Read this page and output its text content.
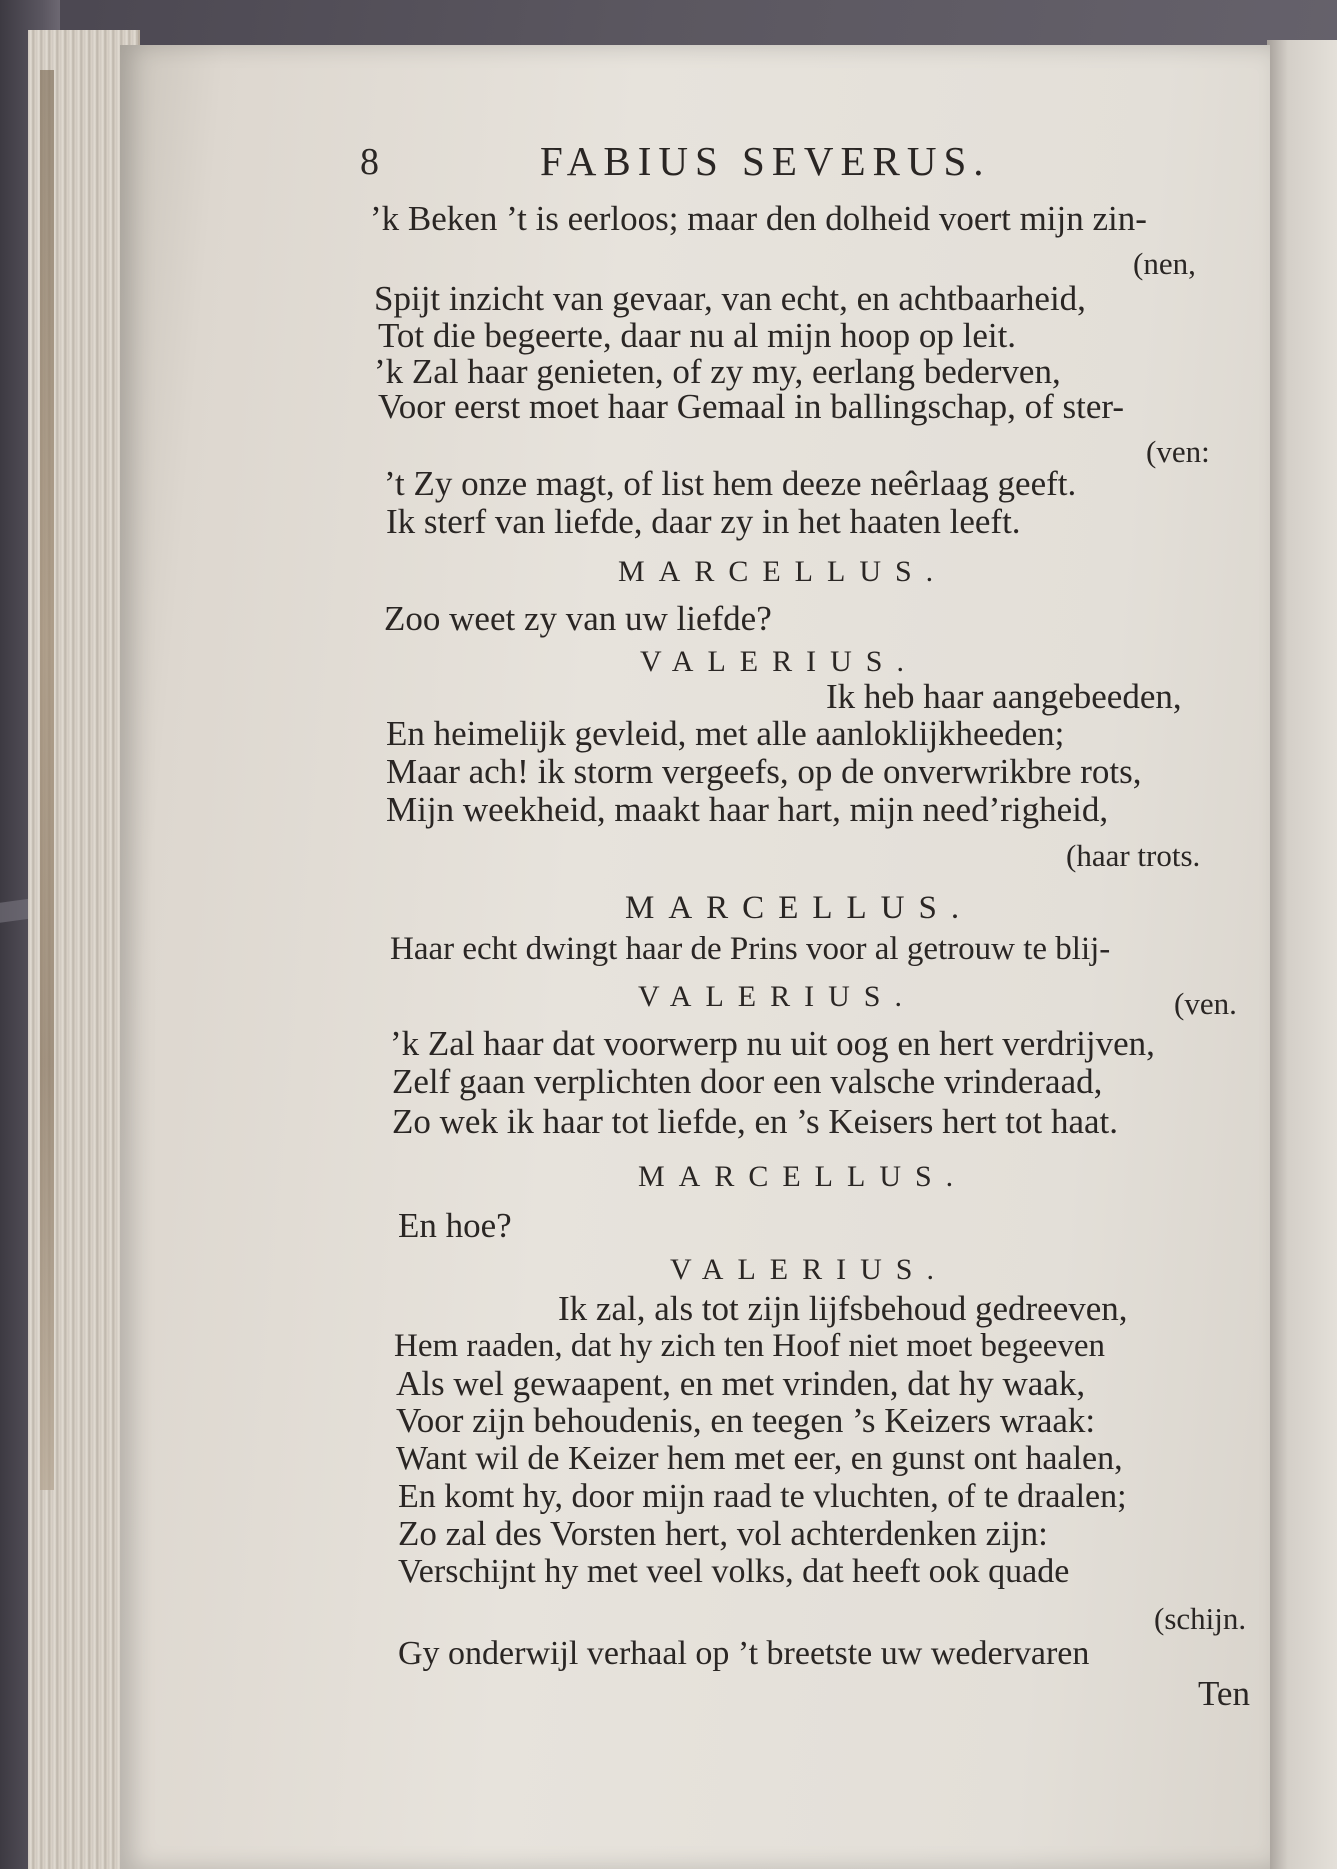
8	FABIUS SEVERUS.
’k Beken ’t is eerloos; maar den dolheid voert mijn zin-
(nen,
Spijt inzicht van gevaar, van echt, en achtbaarheid,
Tot die begeerte, daar nu al mijn hoop op leit.
’k Zal haar genieten, of zy my, eerlang bederven,
Voor eerst moet haar Gemaal in ballingschap, of ster-
(ven:
’t Zy onze magt, of list hem deeze neêrlaag geeft.
Ik sterf van liefde, daar zy in het haaten leeft.
MARCELLUS.
Zoo weet zy van uw liefde?
VALERIUS.
Ik heb haar aangebeeden,
En heimelijk gevleid, met alle aanloklijkheeden;
Maar ach! ik storm vergeefs, op de onverwrikbre rots,
Mijn weekheid, maakt haar hart, mijn need’righeid,
(haar trots.
MARCELLUS.
Haar echt dwingt haar de Prins voor al getrouw te blij-
VALERIUS.	(ven.
’k Zal haar dat voorwerp nu uit oog en hert verdrijven,
Zelf gaan verplichten door een valsche vrinderaad,
Zo wek ik haar tot liefde, en ’s Keisers hert tot haat.
MARCELLUS.
En hoe?
VALERIUS.
Ik zal, als tot zijn lijfsbehoud gedreeven,
Hem raaden, dat hy zich ten Hoof niet moet begeeven
Als wel gewaapent, en met vrinden, dat hy waak,
Voor zijn behoudenis, en teegen ’s Keizers wraak:
Want wil de Keizer hem met eer, en gunst ont haalen,
En komt hy, door mijn raad te vluchten, of te draalen;
Zo zal des Vorsten hert, vol achterdenken zijn:
Verschijnt hy met veel volks, dat heeft ook quade
(schijn.
Gy onderwijl verhaal op ’t breetste uw wedervaren
Ten
